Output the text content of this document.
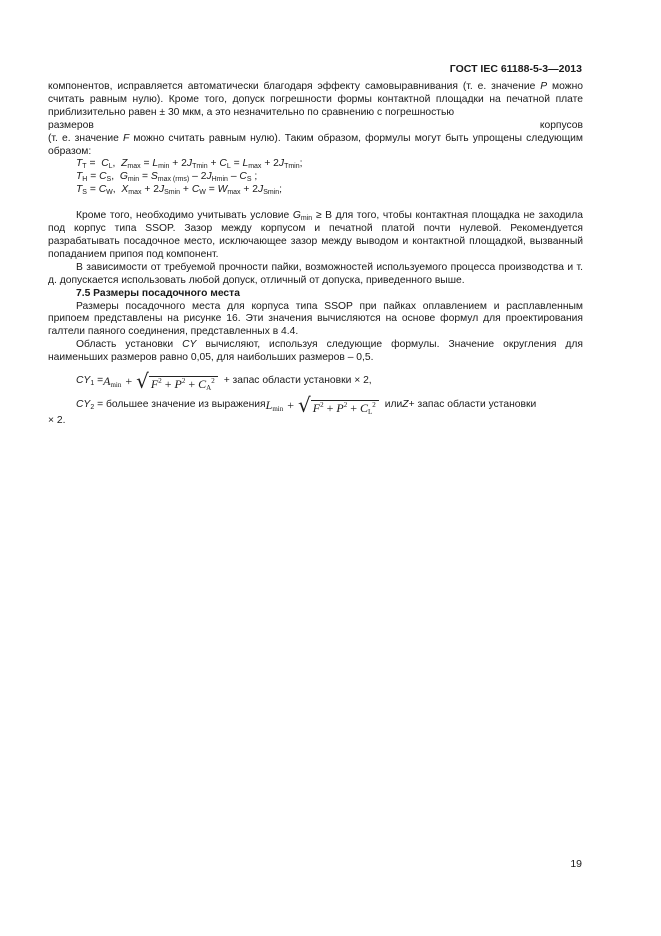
ГОСТ IEC 61188-5-3—2013

компонентов, исправляется автоматически благодаря эффекту самовыравнивания (т. е. значение P можно считать равным нулю). Кроме того, допуск погрешности формы контактной площадки на печатной плате приблизительно равен ± 30 мкм, а это незначительно по сравнению с погрешностью

размеров	корпусов

(т. е. значение F можно считать равным нулю). Таким образом, формулы могут быть упрощены следующим образом:

$T_T = C_L$,  $Z_{max} = L_{min} + 2J_{Tmin} + C_L = L_{max} + 2J_{Tmin}$;

$T_H = C_S$,  $G_{min} = S_{max (rms)} - 2J_{Hmin} - C_S$ ;

$T_S = C_W$,  $X_{max} + 2J_{Smin} + C_W = W_{max} + 2J_{Smin}$;

Кроме того, необходимо учитывать условие $G_{min} \ge B$ для того, чтобы контактная площадка не заходила под корпус типа SSOP. Зазор между корпусом и печатной платой почти нулевой. Рекомендуется разрабатывать посадочное место, исключающее зазор между выводом и контактной площадкой, вызванный попаданием припоя под компонент.

В зависимости от требуемой прочности пайки, возможностей используемого процесса производства и т. д. допускается использовать любой допуск, отличный от допуска, приведенного выше.

7.5 Размеры посадочного места

Размеры посадочного места для корпуса типа SSOP при пайках оплавлением и расплавленным припоем представлены на рисунке 16. Эти значения вычисляются на основе формул для проектирования галтели паяного соединения, представленных в 4.4.

Область установки CY вычисляют, используя следующие формулы. Значение округления для наименьших размеров равно 0,05, для наибольших размеров – 0,5.

$CY_1 = A_{min}$ + √ $F^2 + P^2 + C_A^2$ + запас области установки × 2,
$CY_2$ = большее значение из выражения $L_{min}$ + √ $F^2 + P^2 + C_L^2$ или Z + запас области установки

× 2.

19
